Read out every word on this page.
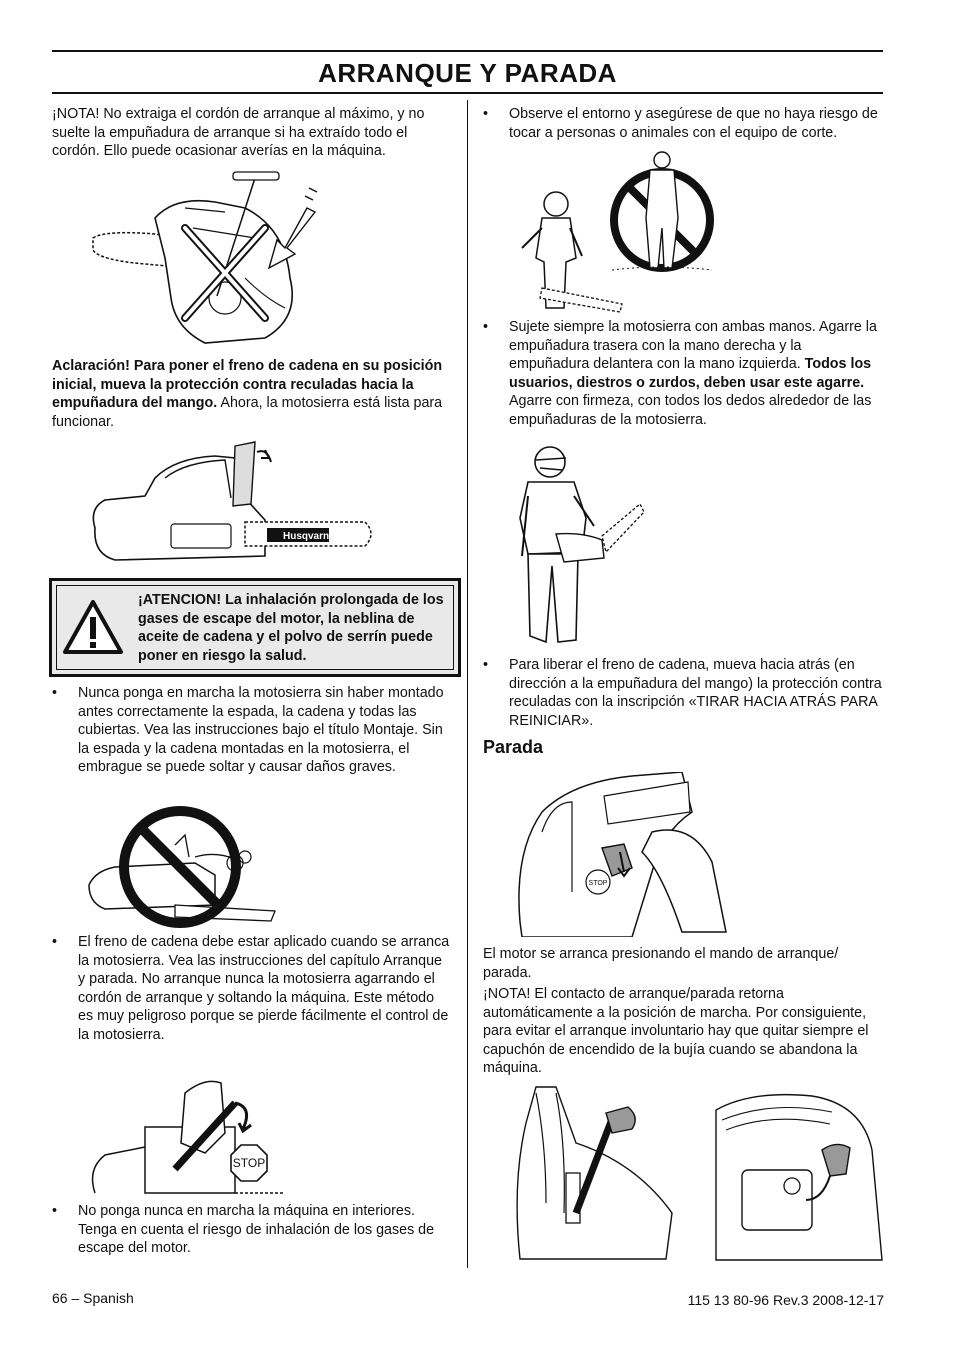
ARRANQUE Y PARADA

¡NOTA! No extraiga el cordón de arranque al máximo, y no suelte la empuñadura de arranque si ha extraído todo el cordón. Ello puede ocasionar averías en la máquina.

Aclaración! Para poner el freno de cadena en su posición inicial, mueva la protección contra reculadas hacia la empuñadura del mango. Ahora, la motosierra está lista para funcionar.

Husqvarna
¡ATENCION! La inhalación prolongada de los gases de escape del motor, la neblina de aceite de cadena y el polvo de serrín puede poner en riesgo la salud.

• Nunca ponga en marcha la motosierra sin haber montado antes correctamente la espada, la cadena y todas las cubiertas. Vea las instrucciones bajo el título Montaje. Sin la espada y la cadena montadas en la motosierra, el embrague se puede soltar y causar daños graves.

• El freno de cadena debe estar aplicado cuando se arranca la motosierra. Vea las instrucciones del capítulo Arranque y parada. No arranque nunca la motosierra agarrando el cordón de arranque y soltando la máquina. Este método es muy peligroso porque se pierde fácilmente el control de la motosierra.

STOP

• No ponga nunca en marcha la máquina en interiores. Tenga en cuenta el riesgo de inhalación de los gases de escape del motor.

• Observe el entorno y asegúrese de que no haya riesgo de tocar a personas o animales con el equipo de corte.

• Sujete siempre la motosierra con ambas manos. Agarre la empuñadura trasera con la mano derecha y la empuñadura delantera con la mano izquierda. Todos los usuarios, diestros o zurdos, deben usar este agarre. Agarre con firmeza, con todos los dedos alrededor de las empuñaduras de la motosierra.

• Para liberar el freno de cadena, mueva hacia atrás (en dirección a la empuñadura del mango) la protección contra reculadas con la inscripción «TIRAR HACIA ATRÁS PARA REINICIAR».

Parada
STOP

El motor se arranca presionando el mando de arranque/ parada.

¡NOTA! El contacto de arranque/parada retorna automáticamente a la posición de marcha. Por consiguiente, para evitar el arranque involuntario hay que quitar siempre el capuchón de encendido de la bujía cuando se abandona la máquina.

66 – Spanish	115 13 80-96 Rev.3 2008-12-17
